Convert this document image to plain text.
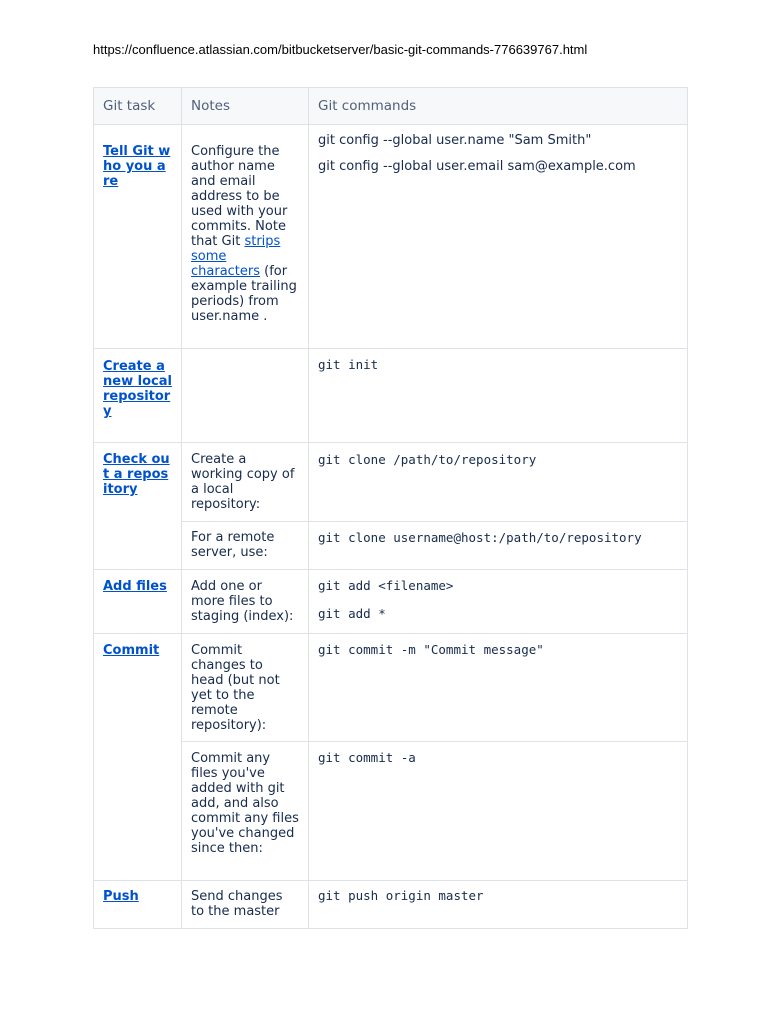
https://confluence.atlassian.com/bitbucketserver/basic-git-commands-776639767.html
Git task	Notes	Git commands

Tell Git who you are	Configure the author name and email address to be used with your commits. Note that Git strips some characters (for example trailing periods) from user.name .	git config --global user.name "Sam Smith"
git config --global user.email sam@example.com

Create a new local repository		git init

Check out a repository	Create a working copy of a local repository:	git clone /path/to/repository

	For a remote server, use:	git clone username@host:/path/to/repository

Add files	Add one or more files to staging (index):	git add <filename>
git add *

Commit	Commit changes to head (but not yet to the remote repository):	git commit -m "Commit message"

	Commit any files you've added with git add, and also commit any files you've changed since then:	git commit -a

Push	Send changes to the master	git push origin master
